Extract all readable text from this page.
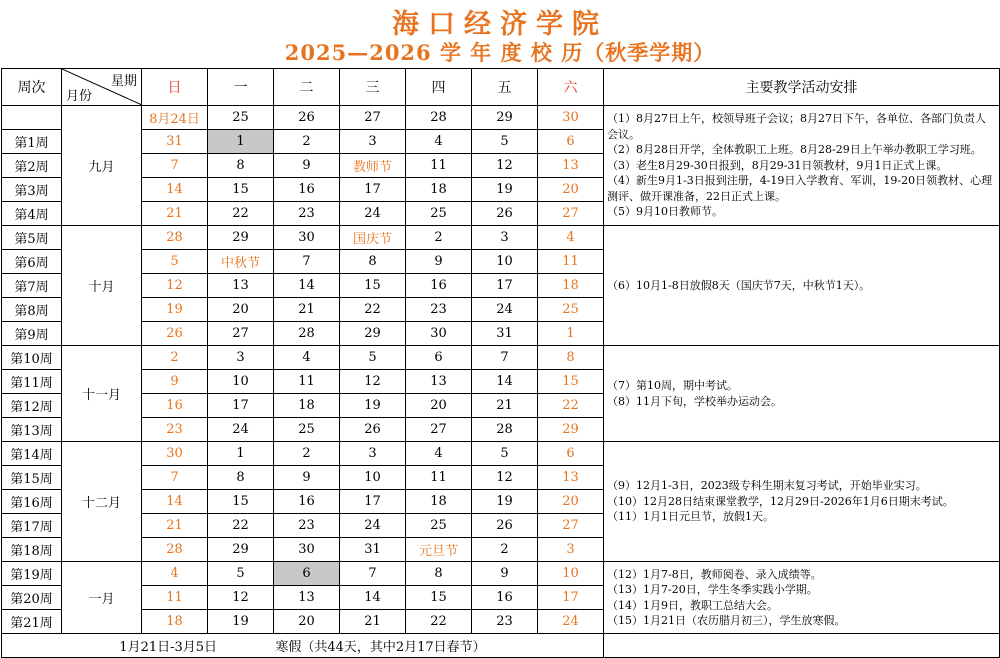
海口经济学院
2025—2026 学 年 度 校 历（秋季学期）
周次	星期
月份	日	一	二	三	四	五	六	主要教学活动安排
	九月	8月24日	25	26	27	28	29	30	（1）8月27日上午，校领导班子会议；8月27日下午，各单位、各部门负责人会议。
（2）8月28日开学，全体教职工上班。8月28-29日上午举办教职工学习班。
（3）老生8月29-30日报到，8月29-31日领教材，9月1日正式上课。
（4）新生9月1-3日报到注册，4-19日入学教育、军训，19-20日领教材、心理测评、做开课准备，22日正式上课。
（5）9月10日教师节。

第1周		31	1	2	3	4	5	6	
第2周		7	8	9	教师节	11	12	13	
第3周		14	15	16	17	18	19	20	
第4周		21	22	23	24	25	26	27	
第5周	十月	28	29	30	国庆节	2	3	4	（6）10月1-8日放假8天（国庆节7天，中秋节1天）。

第6周		5	中秋节	7	8	9	10	11	
第7周		12	13	14	15	16	17	18	
第8周		19	20	21	22	23	24	25	
第9周		26	27	28	29	30	31	1	
第10周	十一月	2	3	4	5	6	7	8	（7）第10周，期中考试。
（8）11月下旬，学校举办运动会。

第11周		9	10	11	12	13	14	15	
第12周		16	17	18	19	20	21	22	
第13周		23	24	25	26	27	28	29	
第14周	十二月	30	1	2	3	4	5	6	（9）12月1-3日，2023级专科生期末复习考试，开始毕业实习。
（10）12月28日结束课堂教学，12月29日-2026年1月6日期末考试。
（11）1月1日元旦节，放假1天。

第15周		7	8	9	10	11	12	13	
第16周		14	15	16	17	18	19	20	
第17周		21	22	23	24	25	26	27	
第18周		28	29	30	31	元旦节	2	3	
第19周	一月	4	5	6	7	8	9	10	（12）1月7-8日，教师阅卷、录入成绩等。
（13）1月7-20日，学生冬季实践小学期。
（14）1月9日，教职工总结大会。
（15）1月21日（农历腊月初三），学生放寒假。

第20周		11	12	13	14	15	16	17	
第21周		18	19	20	21	22	23	24	
1月21日-3月5日 寒假（共44天，其中2月17日春节）									
